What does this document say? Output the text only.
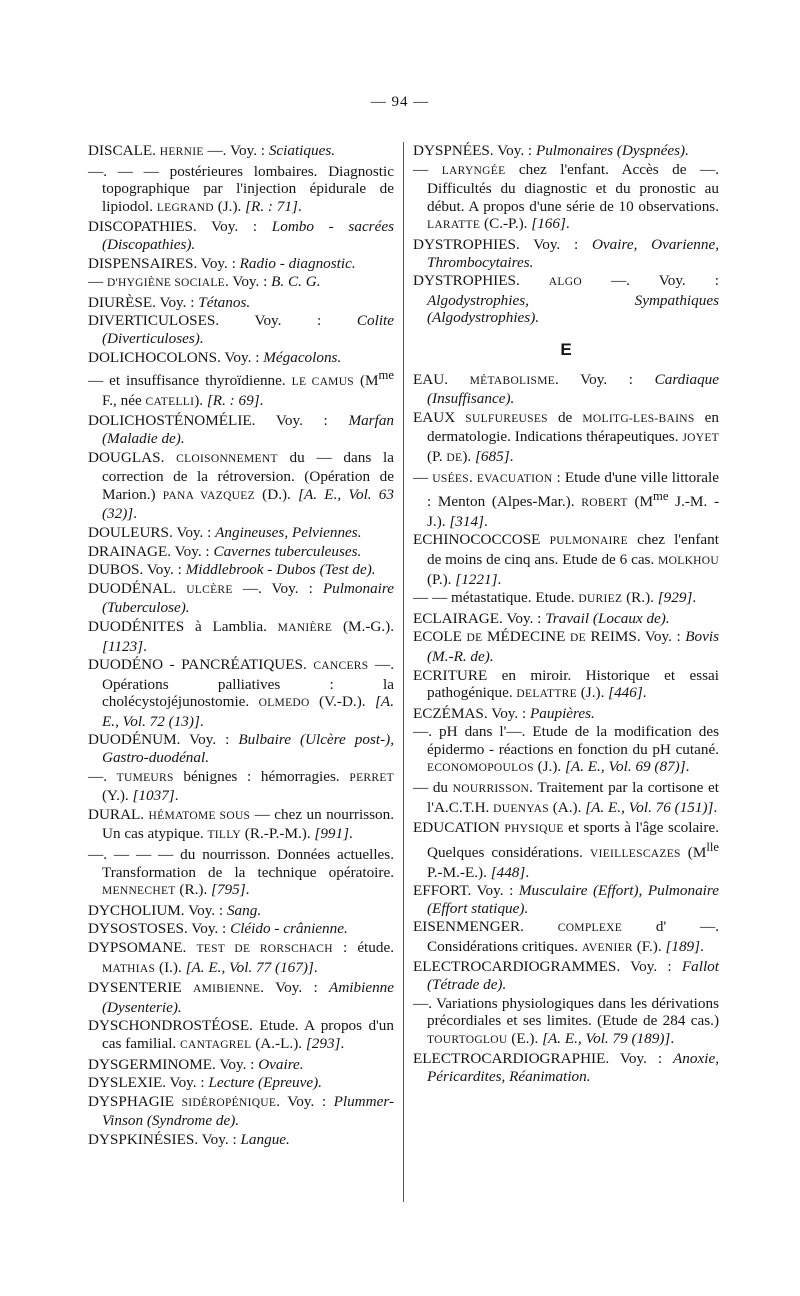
— 94 —
DISCALE. HERNIE —. Voy. : Sciatiques.
—. — — postérieures lombaires. Diagnostic topographique par l'injection épidurale de lipiodol. LEGRAND (J.). [R. : 71].
DISCOPATHIES. Voy. : Lombo - sacrées (Discopathies).
DISPENSAIRES. Voy. : Radio - diagnostic.
— D'HYGIÈNE SOCIALE. Voy. : B. C. G.
DIURÈSE. Voy. : Tétanos.
DIVERTICULOSES. Voy. : Colite (Diverticuloses).
DOLICHOCOLONS. Voy. : Mégacolons.
— et insuffisance thyroïdienne. LE CAMUS ($M^{me}$ F., née CATELLI). [R. : 69].
DOLICHOSTÉNOMÉLIE. Voy. : Marfan (Maladie de).
DOUGLAS. CLOISONNEMENT du — dans la correction de la rétroversion. (Opération de Marion.) PANA VAZQUEZ (D.). [A. E., Vol. 63 (32)].
DOULEURS. Voy. : Angineuses, Pelviennes.
DRAINAGE. Voy. : Cavernes tuberculeuses.
DUBOS. Voy. : Middlebrook - Dubos (Test de).
DUODÉNAL. ULCÈRE —. Voy. : Pulmonaire (Tuberculose).
DUODÉNITES à Lamblia. MANIÈRE (M.-G.). [1123].
DUODÉNO - PANCRÉATIQUES. CANCERS —. Opérations palliatives : la cholécystojéjunostomie. OLMEDO (V.-D.). [A. E., Vol. 72 (13)].
DUODÉNUM. Voy. : Bulbaire (Ulcère post-), Gastro-duodénal.
—. TUMEURS bénignes : hémorragies. PERRET (Y.). [1037].
DURAL. HÉMATOME SOUS — chez un nourrisson. Un cas atypique. TILLY (R.-P.-M.). [991].
—. — — — du nourrisson. Données actuelles. Transformation de la technique opératoire. MENNECHET (R.). [795].
DYCHOLIUM. Voy. : Sang.
DYSOSTOSES. Voy. : Cléido - crânienne.
DYPSOMANE. TEST DE RORSCHACH : étude. MATHIAS (I.). [A. E., Vol. 77 (167)].
DYSENTERIE AMIBIENNE. Voy. : Amibienne (Dysenterie).
DYSCHONDROSTÉOSE. Etude. A propos d'un cas familial. CANTAGREL (A.-L.). [293].
DYSGERMINOME. Voy. : Ovaire.
DYSLEXIE. Voy. : Lecture (Epreuve).
DYSPHAGIE SIDÉROPÉNIQUE. Voy. : Plummer-Vinson (Syndrome de).
DYSPKINÉSIES. Voy. : Langue.
DYSPNÉES. Voy. : Pulmonaires (Dyspnées).
— LARYNGÉE chez l'enfant. Accès de —. Difficultés du diagnostic et du pronostic au début. A propos d'une série de 10 observations. LARATTE (C.-P.). [166].
DYSTROPHIES. Voy. : Ovaire, Ovarienne, Thrombocytaires.
DYSTROPHIES. ALGO —. Voy. : Algodystrophies, Sympathiques (Algodystrophies).
E
EAU. MÉTABOLISME. Voy. : Cardiaque (Insuffisance).
EAUX SULFUREUSES de MOLITG-LES-BAINS en dermatologie. Indications thérapeutiques. JOYET (P. DE). [685].
— USÉES. EVACUATION : Etude d'une ville littorale : Menton (Alpes-Mar.). ROBERT ($M^{me}$ J.-M. - J.). [314].
ECHINOCOCCOSE PULMONAIRE chez l'enfant de moins de cinq ans. Etude de 6 cas. MOLKHOU (P.). [1221].
— — métastatique. Etude. DURIEZ (R.). [929].
ECLAIRAGE. Voy. : Travail (Locaux de).
ECOLE DE MÉDECINE DE REIMS. Voy. : Bovis (M.-R. de).
ECRITURE en miroir. Historique et essai pathogénique. DELATTRE (J.). [446].
ECZÉMAS. Voy. : Paupières.
—. pH dans l'—. Etude de la modification des épidermo - réactions en fonction du pH cutané. ECONOMOPOULOS (J.). [A. E., Vol. 69 (87)].
— du NOURRISSON. Traitement par la cortisone et l'A.C.T.H. DUENYAS (A.). [A. E., Vol. 76 (151)].
EDUCATION PHYSIQUE et sports à l'âge scolaire. Quelques considérations. VIEILLESCAZES ($M^{lle}$ P.-M.-E.). [448].
EFFORT. Voy. : Musculaire (Effort), Pulmonaire (Effort statique).
EISENMENGER. COMPLEXE d' —. Considérations critiques. AVENIER (F.). [189].
ELECTROCARDIOGRAMMES. Voy. : Fallot (Tétrade de).
—. Variations physiologiques dans les dérivations précordiales et ses limites. (Etude de 284 cas.) TOURTOGLOU (E.). [A. E., Vol. 79 (189)].
ELECTROCARDIOGRAPHIE. Voy. : Anoxie, Péricardites, Réanimation.
